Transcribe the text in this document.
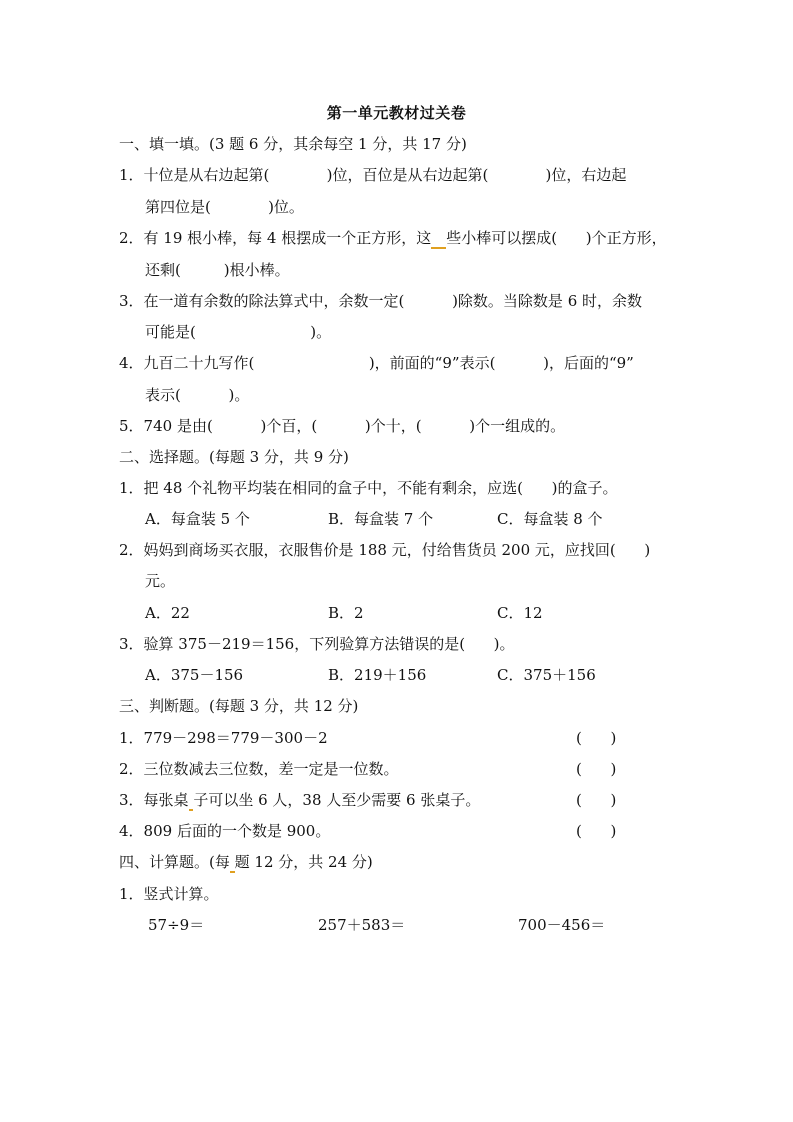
第一单元教材过关卷
一、填一填。(3 题 6 分，其余每空 1 分，共 17 分)
1．十位是从右边起第(            )位，百位是从右边起第(            )位，右边起
第四位是(            )位。
2．有 19 根小棒，每 4 根摆成一个正方形，这　 些小棒可以摆成(      )个正方形，
还剩(         )根小棒。
3．在一道有余数的除法算式中，余数一定(          )除数。当除数是 6 时，余数
可能是(                        )。
4．九百二十九写作(                        )，前面的“9”表示(          )，后面的“9”
表示(          )。
5．740 是由(          )个百，(          )个十，(          )个一组成的。
二、选择题。(每题 3 分，共 9 分)
1．把 48 个礼物平均装在相同的盒子中，不能有剩余，应选(      )的盒子。
A．每盒装 5 个	B．每盒装 7 个	C．每盒装 8 个
2．妈妈到商场买衣服，衣服售价是 188 元，付给售货员 200 元，应找回(      )
元。
A．22	B．2	C．12
3．验算 375－219＝156，下列验算方法错误的是(      )。
A．375－156	B．219＋156	C．375＋156
三、判断题。(每题 3 分，共 12 分)
1．779－298＝779－300－2	(      )
2．三位数减去三位数，差一定是一位数。	(      )
3．每张桌 子可以坐 6 人，38 人至少需要 6 张桌子。	(      )
4．809 后面的一个数是 900。	(      )
四、计算题。(每 题 12 分，共 24 分)
1．竖式计算。
57÷9＝	257＋583＝	700－456＝
